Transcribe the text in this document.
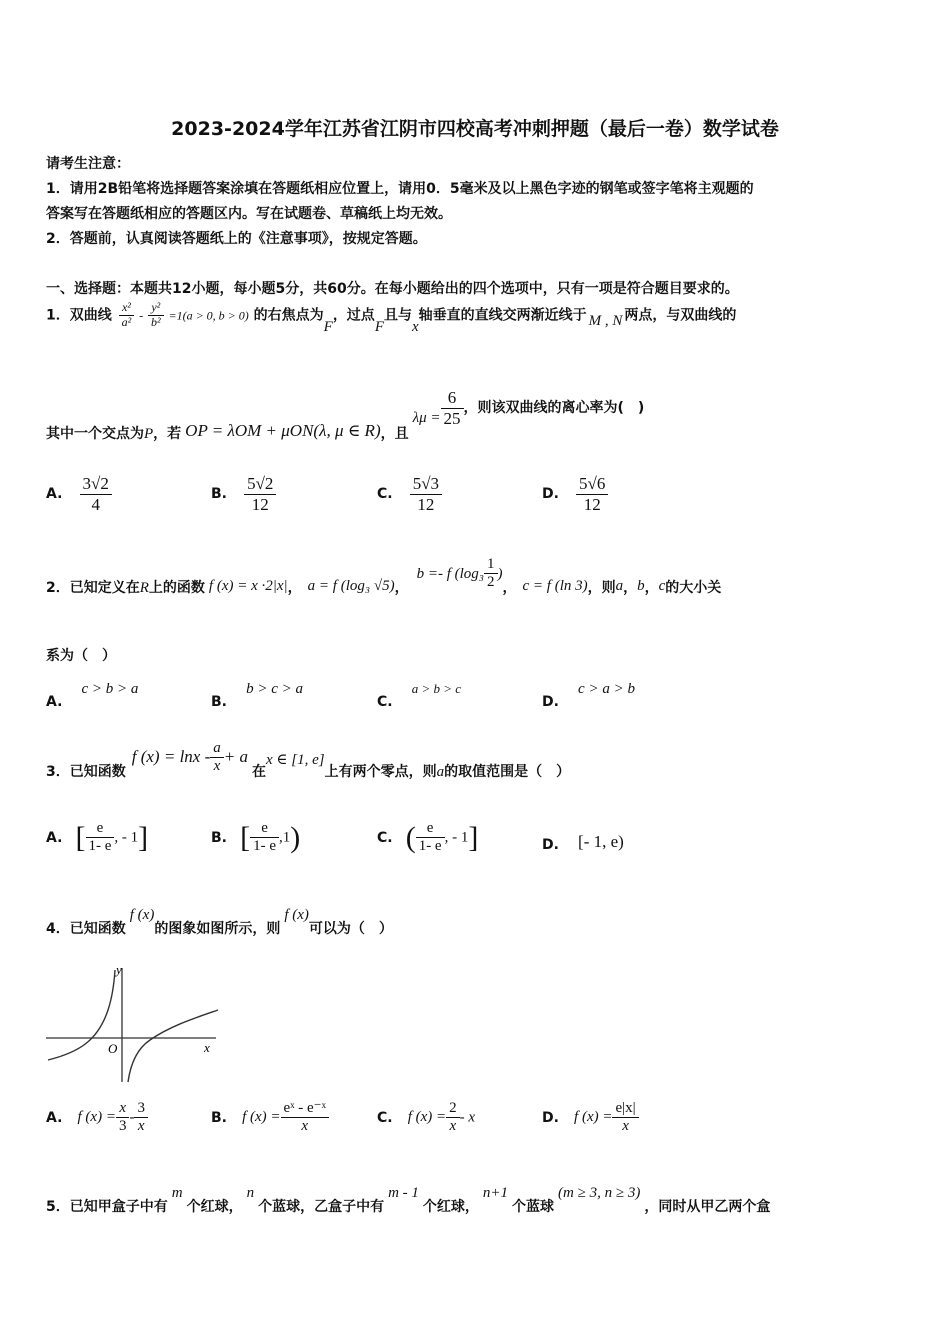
2023-2024学年江苏省江阴市四校高考冲刺押题（最后一卷）数学试卷
请考生注意：
1．请用2B铅笔将选择题答案涂填在答题纸相应位置上，请用0．5毫米及以上黑色字迹的钢笔或签字笔将主观题的
答案写在答题纸相应的答题区内。写在试题卷、草稿纸上均无效。
2．答题前，认真阅读答题纸上的《注意事项》，按规定答题。
一、选择题：本题共12小题，每小题5分，共60分。在每小题给出的四个选项中，只有一项是符合题目要求的。
1．双曲线 $\frac{\text{x²}}{\text{a²}} - \frac{\text{y²}}{\text{b²}} =1(a > 0$, b > 0) 的右焦点为F，过点F且与x轴垂直的直线交两渐近线于 M , N 两点，与双曲线的
其中一个交点为P，若 OP = λOM + μON(λ, μ ∈ R)，且$\lambda\mu = \frac{6}{25}$ ，则该双曲线的离心率为(　)
A. $\frac{3√2}{4}$	B. $\frac{5√2}{12}$	C. $\frac{5√3}{12}$	D. $\frac{5√6}{12}$
2．已知定义在R上的函数 f (x) = x ·2|x|， a = f (log₃ √5)，b =- f ($\log_3 \frac{1}{2}$ )， c = f (ln 3)，则a，b，c的大小关
系为（　）
A. c > b > a
B. b > c > a
C. a > b > c
D. c > a > b
3．已知函数f $(x) = \ln x - \frac{a}{x} + a$在x ∈ [1, e]上有两个零点，则a的取值范围是（　）
A. [ $\frac{e}{1- e}$ , - 1]	B. [ $\frac{e}{1- e} ,1$)	C. ( $\frac{e}{1- e}$ , - 1]	D. [- 1, e)
4．已知函数f (x)的图象如图所示，则f (x)可以为（　）
y
x
O
A. f $(x) = \frac{x}{3} - \frac{3}{x}$	B. f $(x) = \frac{\text{eˣ - e⁻ˣ}}{x}$	C. f $(x) = \frac{2}{x} - x$	D. f $(x) = \frac{e|x|}{x}$
5．已知甲盒子中有m个红球，n个蓝球，乙盒子中有m - 1个红球，n+1个蓝球(m ≥ 3, n ≥ 3)，同时从甲乙两个盒
